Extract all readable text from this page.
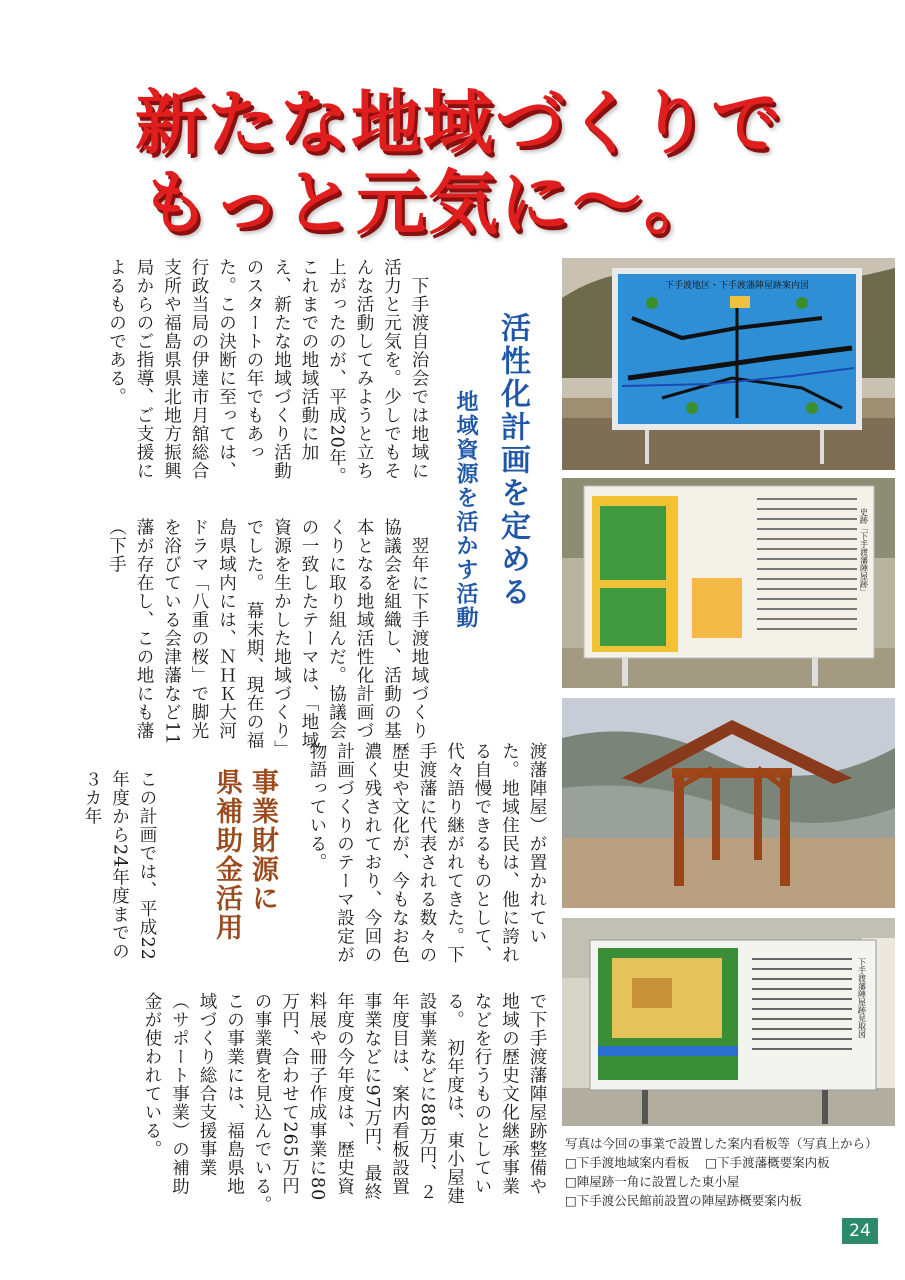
新たな地域づくりで
もっと元気に～。
活性化計画を定める
地域資源を活かす活動
　下手渡自治会では地域に活力と元気を。少しでもそんな活動してみようと立ち上がったのが、平成20年。これまでの地域活動に加え、新たな地域づくり活動のスタートの年でもあった。この決断に至っては、行政当局の伊達市月舘総合支所や福島県県北地方振興局からのご指導、ご支援によるものである。
　翌年に下手渡地域づくり協議会を組織し、活動の基本となる地域活性化計画づくりに取り組んだ。協議会の一致したテーマは、「地域資源を生かした地域づくり」でした。　幕末期、現在の福島県域内には、ＮＨＫ大河ドラマ「八重の桜」で脚光を浴びている会津藩など11藩が存在し、この地にも藩（下手
事業財源に
県補助金活用
この計画では、平成22年度から24年度までの３カ年	渡藩陣屋）が置かれていた。地域住民は、他に誇れる自慢できるものとして、代々語り継がれてきた。下手渡藩に代表される数々の歴史や文化が、今もなお色濃く残されており、今回の計画づくりのテーマ設定が物語っている。
で下手渡藩陣屋跡整備や地域の歴史文化継承事業などを行うものとしている。　初年度は、東小屋建設事業などに88万円、２年度目は、案内看板設置事業などに97万円、最終年度の今年度は、歴史資料展や冊子作成事業に80万円、合わせて265万円の事業費を見込んでいる。　この事業には、福島県地域づくり総合支援事業（サポート事業）の補助金が使われている。
下手渡地区・下手渡藩陣屋跡案内図
史跡「下手渡藩陣屋跡」
下手渡藩陣屋跡見取図
写真は今回の事業で設置した案内看板等（写真上から）
□下手渡地域案内看板 □下手渡藩概要案内板
□陣屋跡一角に設置した東小屋
□下手渡公民館前設置の陣屋跡概要案内板
24
